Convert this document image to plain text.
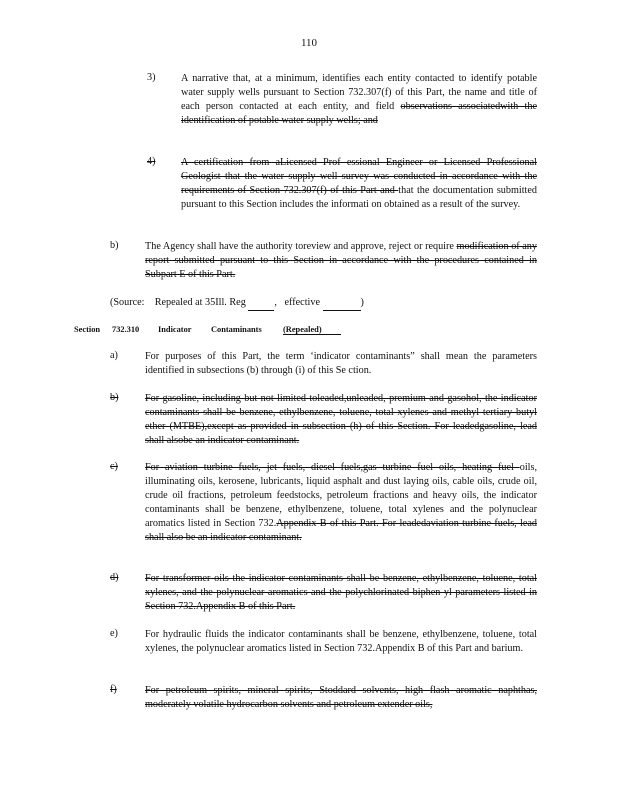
110
3)	A narrative that, at a minimum, identifies each entity contacted to identify potable water supply wells pursuant to Section 732.307(f) of this Part, the name and title of each person contacted at each entity, and field observations associatedwith the identification of potable water supply wells; and
4)	A certification from aLicensed Prof essional Engineer or Licensed Professional Geologist that the water supply well survey was conducted in accordance with the requirements of Section 732.307(f) of this Part and that the documentation submitted pursuant to this Section includes the informati on obtained as a result of the survey.
b)	The Agency shall have the authority toreview and approve, reject or require modification of any report submitted pursuant to this Section in accordance with the procedures contained in Subpart E of this Part.
(Source: Repealed at 35Ill. Reg	,   effective	)
Section 732.310 Indicator Contaminants	(Repealed)
a)	For purposes of this Part, the term ‘indicator contaminants” shall mean the parameters identified in subsections (b) through (i) of this Se ction.
b)	For gasoline, including but not limited toleaded,unleaded, premium and gasohol, the indicator contaminants shall be benzene, ethylbenzene, toluene, total xylenes and methyl tertiary butyl ether (MTBE),except as provided in subsection (h) of this Section. For leadedgasoline, lead shall alsobe an indicator contaminant.
c)	For aviation turbine fuels, jet fuels, diesel fuels,gas turbine fuel oils, heating fuel oils, illuminating oils, kerosene, lubricants, liquid asphalt and dust laying oils, cable oils, crude oil, crude oil fractions, petroleum feedstocks, petroleum fractions and heavy oils, the indicator contaminants shall be benzene, ethylbenzene, toluene, total xylenes and the polynuclear aromatics listed in Section 732.Appendix B of this Part. For leadedaviation turbine fuels, lead shall also be an indicator contaminant.
d)	For transformer oils the indicator contaminants shall be benzene, ethylbenzene, toluene, total xylenes, and the polynuclear aromatics and the polychlorinated biphen yl parameters listed in Section 732.Appendix B of this Part.
e)	For hydraulic fluids the indicator contaminants shall be benzene, ethylbenzene, toluene, total xylenes, the polynuclear aromatics listed in Section 732.Appendix B of this Part and barium.
f)	For petroleum spirits, mineral spirits, Stoddard solvents, high flash aromatic naphthas, moderately volatile hydrocarbon solvents and petroleum extender oils,
